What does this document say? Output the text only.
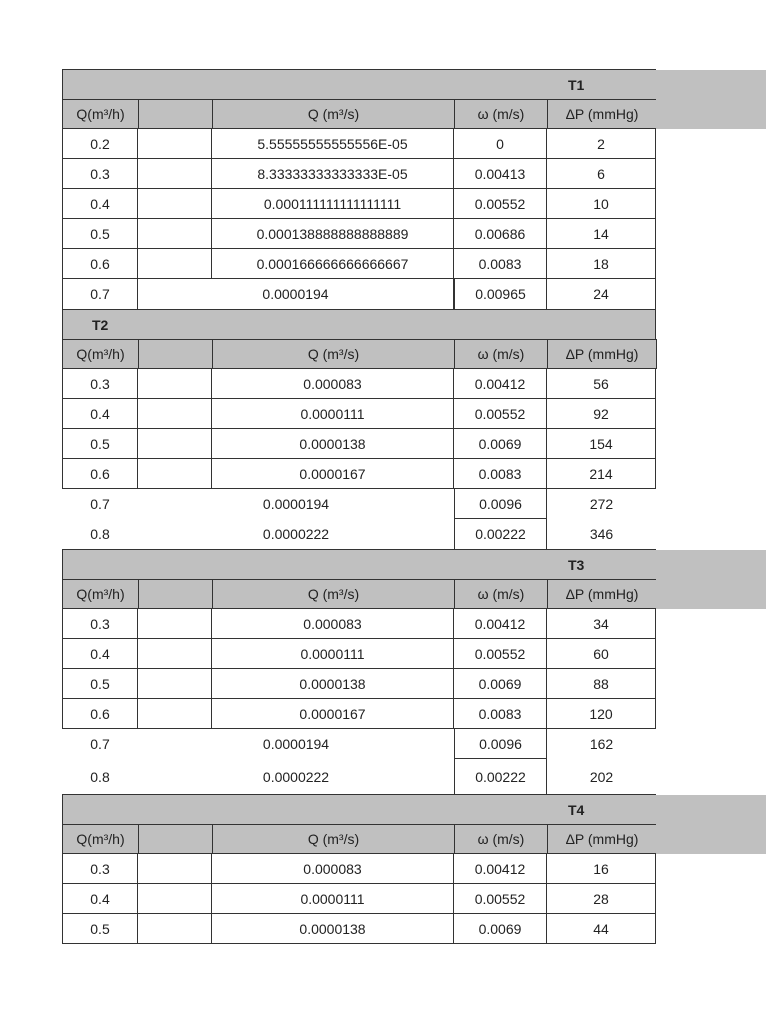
T1
Q(m³/h)	Q (m³/s)	ω (m/s)	ΔP (mmHg)
0.2	5.55555555555556E-05	0	2
0.3	8.33333333333333E-05	0.00413	6
0.4	0.000111111111111111	0.00552	10
0.5	0.000138888888888889	0.00686	14
0.6	0.000166666666666667	0.0083	18
0.7	0.0000194	0.00965	24
T2
Q(m³/h)	Q (m³/s)	ω (m/s)	ΔP (mmHg)
0.3	0.000083	0.00412	56
0.4	0.0000111	0.00552	92
0.5	0.0000138	0.0069	154
0.6	0.0000167	0.0083	214
0.7	0.0000194	0.0096	272
0.8	0.0000222	0.00222	346
T3
Q(m³/h)	Q (m³/s)	ω (m/s)	ΔP (mmHg)
0.3	0.000083	0.00412	34
0.4	0.0000111	0.00552	60
0.5	0.0000138	0.0069	88
0.6	0.0000167	0.0083	120
0.7	0.0000194	0.0096	162
0.8	0.0000222	0.00222	202
T4
Q(m³/h)	Q (m³/s)	ω (m/s)	ΔP (mmHg)
0.3	0.000083	0.00412	16
0.4	0.0000111	0.00552	28
0.5	0.0000138	0.0069	44
